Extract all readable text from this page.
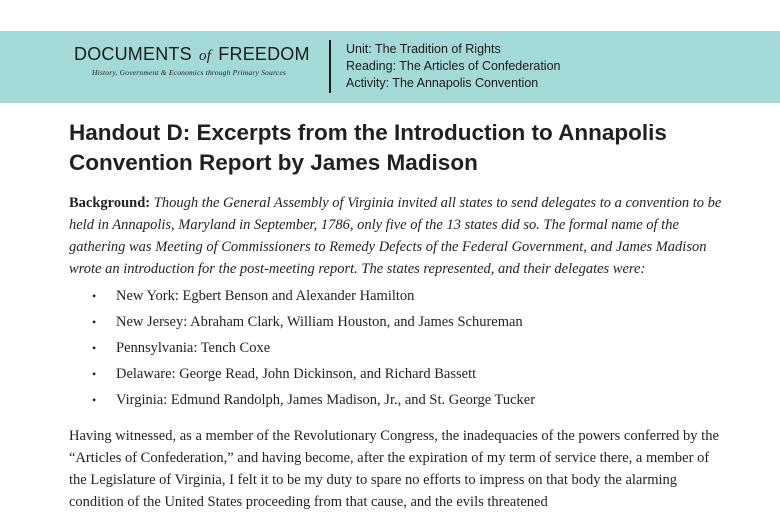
DOCUMENTS of FREEDOM
History, Government & Economics through Primary Sources
Unit: The Tradition of Rights
Reading: The Articles of Confederation
Activity: The Annapolis Convention
Handout D: Excerpts from the Introduction to Annapolis Convention Report by James Madison

Background: Though the General Assembly of Virginia invited all states to send delegates to a convention to be held in Annapolis, Maryland in September, 1786, only five of the 13 states did so. The formal name of the gathering was Meeting of Commissioners to Remedy Defects of the Federal Government, and James Madison wrote an introduction for the post-meeting report. The states represented, and their delegates were:

• New York: Egbert Benson and Alexander Hamilton
• New Jersey: Abraham Clark, William Houston, and James Schureman
• Pennsylvania: Tench Coxe
• Delaware: George Read, John Dickinson, and Richard Bassett
• Virginia: Edmund Randolph, James Madison, Jr., and St. George Tucker

Having witnessed, as a member of the Revolutionary Congress, the inadequacies of the powers conferred by the “Articles of Confederation,” and having become, after the expiration of my term of service there, a member of the Legislature of Virginia, I felt it to be my duty to spare no efforts to impress on that body the alarming condition of the United States proceeding from that cause, and the evils threatened
